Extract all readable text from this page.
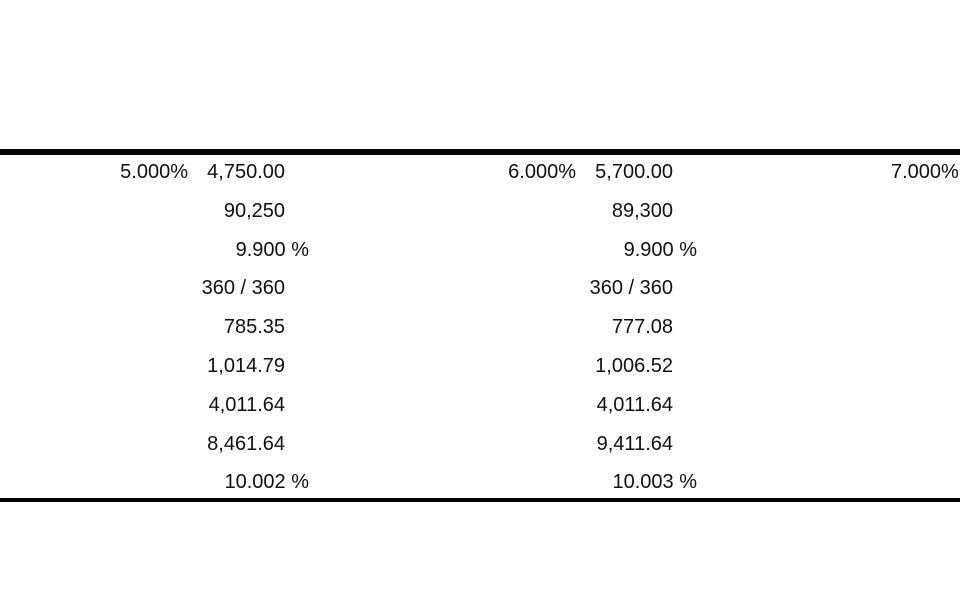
5.000% 4,750.00	6.000% 5,700.00	7.000%
90,250	89,300
9.900 %	9.900 %
360 / 360	360 / 360
785.35	777.08
1,014.79	1,006.52
4,011.64	4,011.64
8,461.64	9,411.64
10.002 %	10.003 %
